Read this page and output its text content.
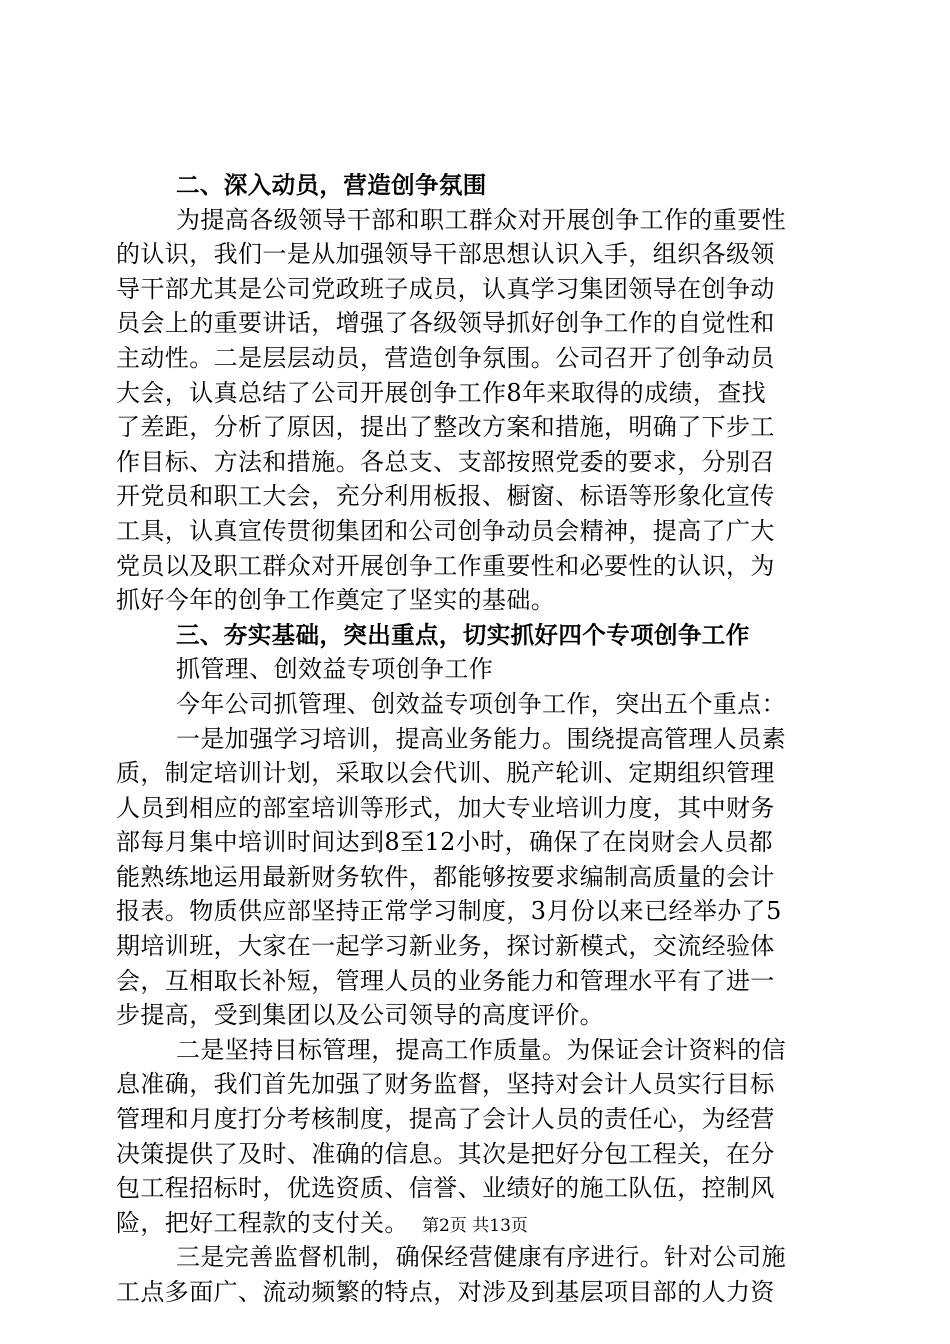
二、深入动员，营造创争氛围
为提高各级领导干部和职工群众对开展创争工作的重要性
的认识，我们一是从加强领导干部思想认识入手，组织各级领
导干部尤其是公司党政班子成员，认真学习集团领导在创争动
员会上的重要讲话，增强了各级领导抓好创争工作的自觉性和
主动性。二是层层动员，营造创争氛围。公司召开了创争动员
大会，认真总结了公司开展创争工作8年来取得的成绩，查找
了差距，分析了原因，提出了整改方案和措施，明确了下步工
作目标、方法和措施。各总支、支部按照党委的要求，分别召
开党员和职工大会，充分利用板报、橱窗、标语等形象化宣传
工具，认真宣传贯彻集团和公司创争动员会精神，提高了广大
党员以及职工群众对开展创争工作重要性和必要性的认识，为
抓好今年的创争工作奠定了坚实的基础。
三、夯实基础，突出重点，切实抓好四个专项创争工作
抓管理、创效益专项创争工作
今年公司抓管理、创效益专项创争工作，突出五个重点：
一是加强学习培训，提高业务能力。围绕提高管理人员素
质，制定培训计划，采取以会代训、脱产轮训、定期组织管理
人员到相应的部室培训等形式，加大专业培训力度，其中财务
部每月集中培训时间达到8至12小时，确保了在岗财会人员都
能熟练地运用最新财务软件，都能够按要求编制高质量的会计
报表。物质供应部坚持正常学习制度，3月份以来已经举办了5
期培训班，大家在一起学习新业务，探讨新模式，交流经验体
会，互相取长补短，管理人员的业务能力和管理水平有了进一
步提高，受到集团以及公司领导的高度评价。
二是坚持目标管理，提高工作质量。为保证会计资料的信
息准确，我们首先加强了财务监督，坚持对会计人员实行目标
管理和月度打分考核制度，提高了会计人员的责任心，为经营
决策提供了及时、准确的信息。其次是把好分包工程关，在分
包工程招标时，优选资质、信誉、业绩好的施工队伍，控制风
险，把好工程款的支付关。
三是完善监督机制，确保经营健康有序进行。针对公司施
工点多面广、流动频繁的特点，对涉及到基层项目部的人力资
第2页 共13页
